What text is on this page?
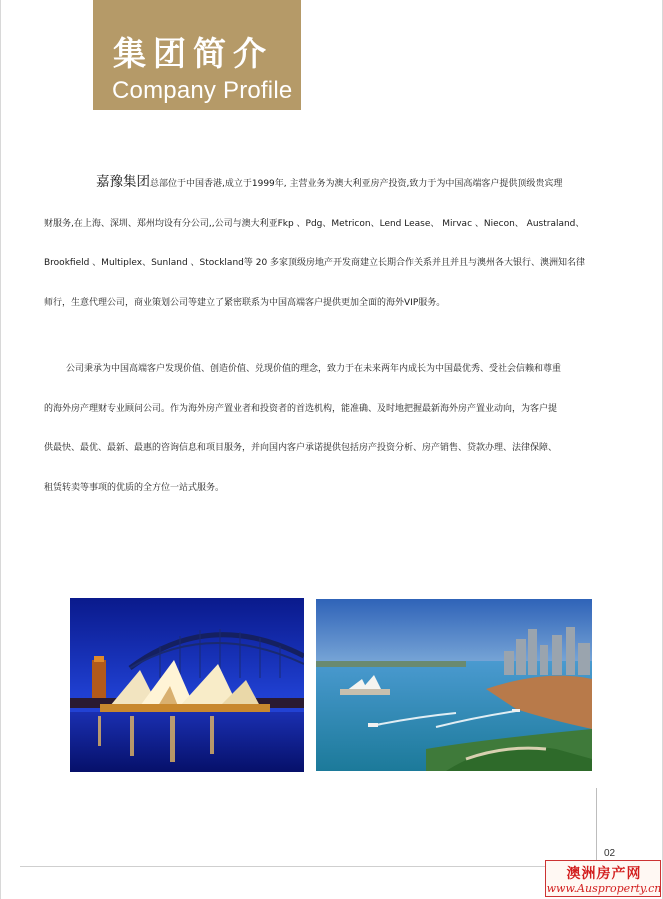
集团简介
Company Profile
嘉豫集团总部位于中国香港,成立于1999年, 主营业务为澳大利亚房产投资,致力于为中国高端客户提供顶级贵宾理
财服务,在上海、深圳、郑州均设有分公司,,公司与澳大利亚Fkp 、Pdg、Metricon、Lend Lease、 Mirvac 、Niecon、 Australand、
Brookfield 、Multiplex、Sunland 、Stockland等 20 多家顶级房地产开发商建立长期合作关系并且并且与澳州各大银行、澳洲知名律
师行，生意代理公司，商业策划公司等建立了紧密联系为中国高端客户提供更加全面的海外VIP服务。
公司秉承为中国高端客户发现价值、创造价值、兑现价值的理念，致力于在未来两年内成长为中国最优秀、受社会信赖和尊重
的海外房产理财专业顾问公司。作为海外房产置业者和投资者的首选机构，能准确、及时地把握最新海外房产置业动向，为客户提
供最快、最优、最新、最惠的咨询信息和项目服务，并向国内客户承诺提供包括房产投资分析、房产销售、贷款办理、法律保障、
租赁转卖等事项的优质的全方位一站式服务。
02
澳洲房产网
www.Ausproperty.cn
